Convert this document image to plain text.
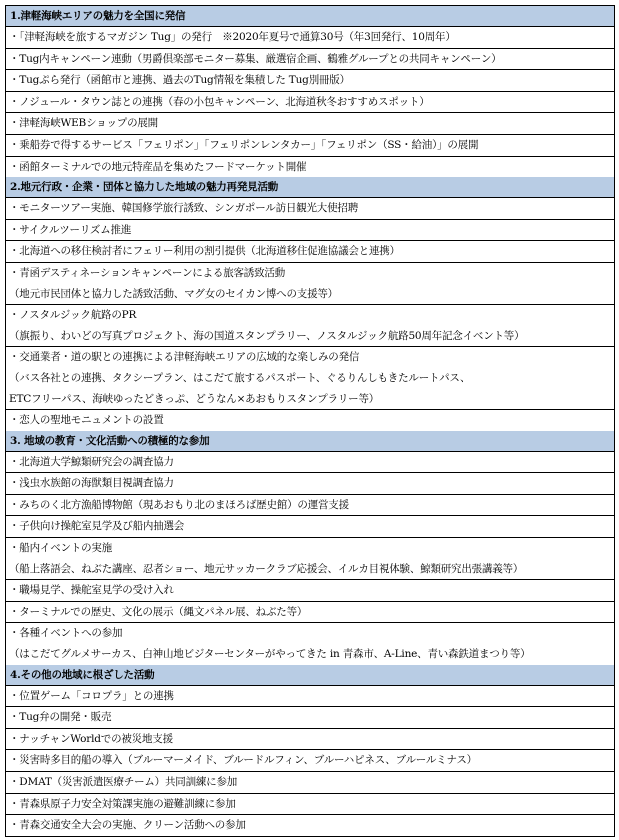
1.津軽海峡エリアの魅力を全国に発信
・「津軽海峡を旅するマガジン Tug」の発行　※2020年夏号で通算30号（年3回発行、10周年）
・Tug内キャンペーン連動（男爵倶楽部モニター募集、厳選宿企画、鶴雅グループとの共同キャンペーン）
・Tugぷら発行（函館市と連携、過去のTug情報を集積した Tug別冊版）
・ノジュール・タウン誌との連携（春の小包キャンペーン、北海道秋冬おすすめスポット）
・津軽海峡WEBショップの展開
・乗船券で得するサービス「フェリポン」「フェリポンレンタカー」「フェリポン（SS・給油）」の展開
・函館ターミナルでの地元特産品を集めたフードマーケット開催
2.地元行政・企業・団体と協力した地域の魅力再発見活動
・モニターツアー実施、韓国修学旅行誘致、シンガポール訪日観光大使招聘
・サイクルツーリズム推進
・北海道への移住検討者にフェリー利用の割引提供（北海道移住促進協議会と連携）
・青函デスティネーションキャンペーンによる旅客誘致活動
（地元市民団体と協力した誘致活動、マグ女のセイカン博への支援等）
・ノスタルジック航路のPR
（旗振り、わいどの写真プロジェクト、海の国道スタンプラリー、ノスタルジック航路50周年記念イベント等）
・交通業者・道の駅との連携による津軽海峡エリアの広域的な楽しみの発信
（バス各社との連携、タクシープラン、はこだて旅するパスポート、ぐるりんしもきたルートパス、
ETCフリーパス、海峡ゆったどきっぷ、どうなん×あおもりスタンプラリー等）
・恋人の聖地モニュメントの設置
3. 地域の教育・文化活動への積極的な参加
・北海道大学鯨類研究会の調査協力
・浅虫水族館の海獣類目視調査協力
・みちのく北方漁船博物館（現あおもり北のまほろば歴史館）の運営支援
・子供向け操舵室見学及び船内抽選会
・船内イベントの実施
（船上落語会、ねぶた講座、忍者ショー、地元サッカークラブ応援会、イルカ目視体験、鯨類研究出張講義等）
・職場見学、操舵室見学の受け入れ
・ターミナルでの歴史、文化の展示（縄文パネル展、ねぶた等）
・各種イベントへの参加
（はこだてグルメサーカス、白神山地ビジターセンターがやってきた in 青森市、A-Line、青い森鉄道まつり等）
4.その他の地域に根ざした活動
・位置ゲーム「コロプラ」との連携
・Tug弁の開発・販売
・ナッチャンWorldでの被災地支援
・災害時多目的船の導入（ブルーマーメイド、ブルードルフィン、ブルーハピネス、ブルールミナス）
・DMAT（災害派遣医療チーム）共同訓練に参加
・青森県原子力安全対策課実施の避難訓練に参加
・青森交通安全大会の実施、クリーン活動への参加
